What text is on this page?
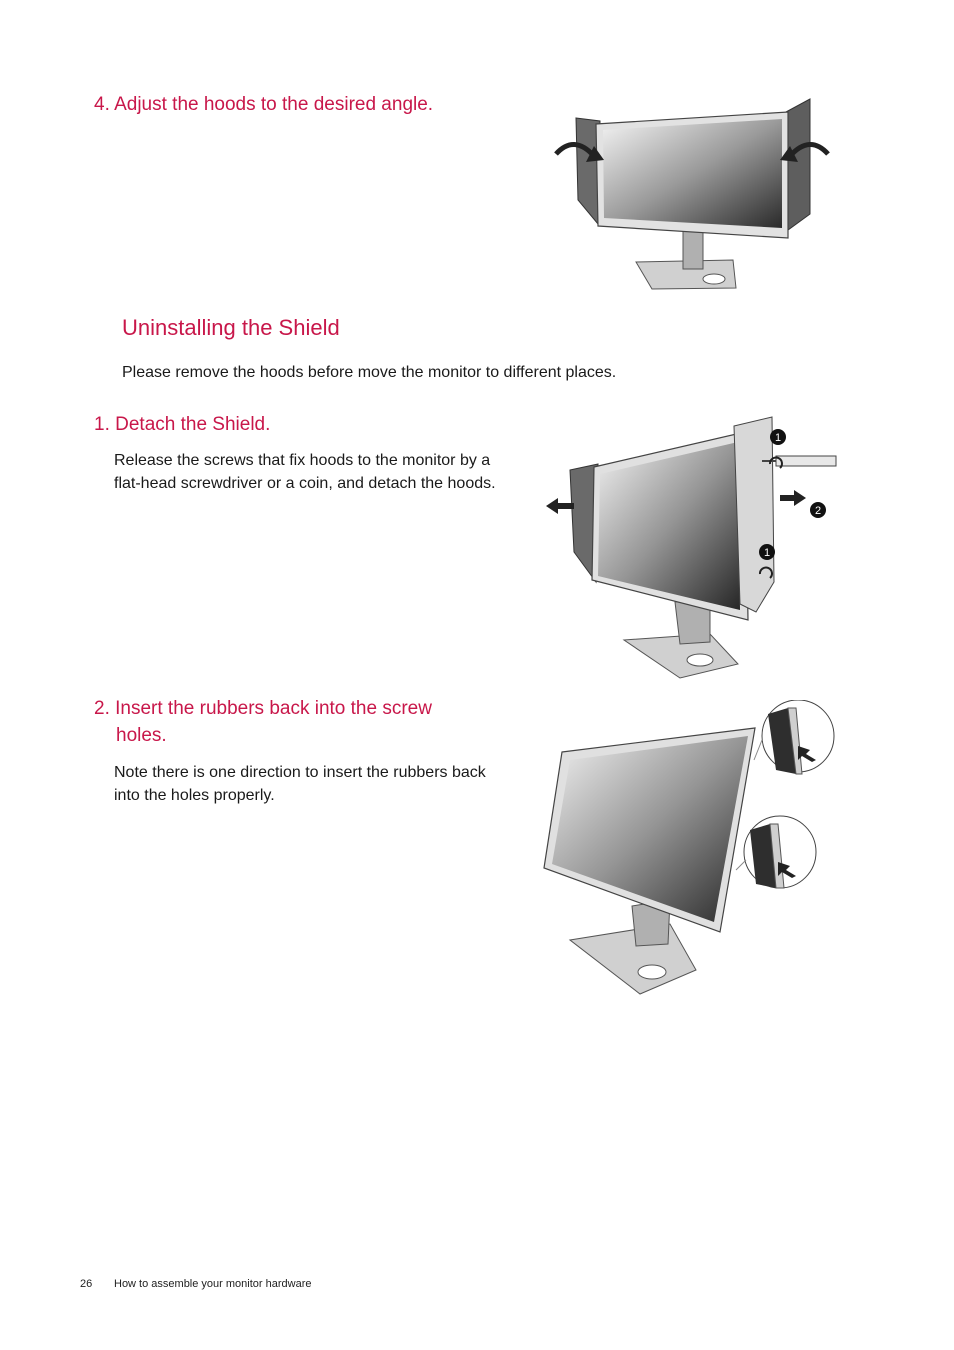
4. Adjust the hoods to the desired angle.
Uninstalling the Shield

Please remove the hoods before move the monitor to different places.

1. Detach the Shield.

Release the screws that fix hoods to the monitor by a flat-head screwdriver or a coin, and detach the hoods.

1
2
1
2. Insert the rubbers back into the screw
holes.

Note there is one direction to insert the rubbers back into the holes properly.

26 How to assemble your monitor hardware
